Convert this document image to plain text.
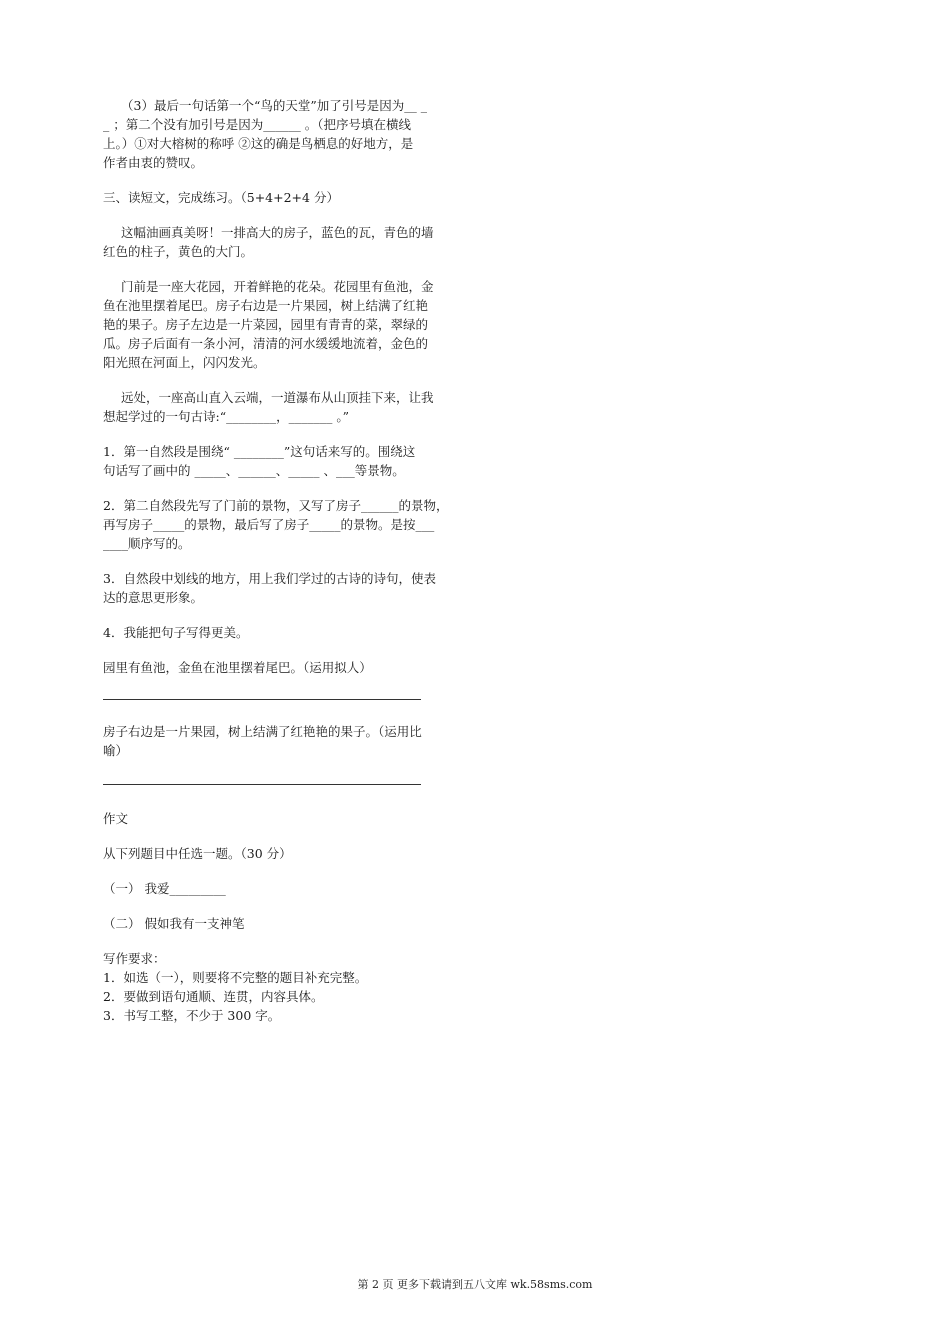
（3）最后一句话第一个“鸟的天堂”加了引号是因为__ _

_ ；第二个没有加引号是因为______ 。（把序号填在横线

上。）①对大榕树的称呼 ②这的确是鸟栖息的好地方，是

作者由衷的赞叹。

三、读短文，完成练习。（5+4+2+4 分）

这幅油画真美呀！一排高大的房子，蓝色的瓦，青色的墙

红色的柱子，黄色的大门。

门前是一座大花园，开着鲜艳的花朵。花园里有鱼池，金

鱼在池里摆着尾巴。房子右边是一片果园，树上结满了红艳

艳的果子。房子左边是一片菜园，园里有青青的菜，翠绿的

瓜。房子后面有一条小河，清清的河水缓缓地流着，金色的

阳光照在河面上，闪闪发光。

远处，一座高山直入云端，一道瀑布从山顶挂下来，让我

想起学过的一句古诗:“________，_______ 。”

1．第一自然段是围绕“ ________”这句话来写的。围绕这

句话写了画中的 _____、______、_____ 、___等景物。

2．第二自然段先写了门前的景物，又写了房子______的景物，

再写房子_____的景物，最后写了房子_____的景物。是按___

____顺序写的。

3．自然段中划线的地方，用上我们学过的古诗的诗句，使表

达的意思更形象。

4．我能把句子写得更美。

园里有鱼池，金鱼在池里摆着尾巴。（运用拟人）

房子右边是一片果园，树上结满了红艳艳的果子。（运用比

喻）

作文

从下列题目中任选一题。（30 分）

（一） 我爱_________

（二） 假如我有一支神笔

写作要求：

1．如选（一），则要将不完整的题目补充完整。

2．要做到语句通顺、连贯，内容具体。

3．书写工整，不少于 300 字。

第 2 页 更多下载请到五八文库 wk.58sms.com
